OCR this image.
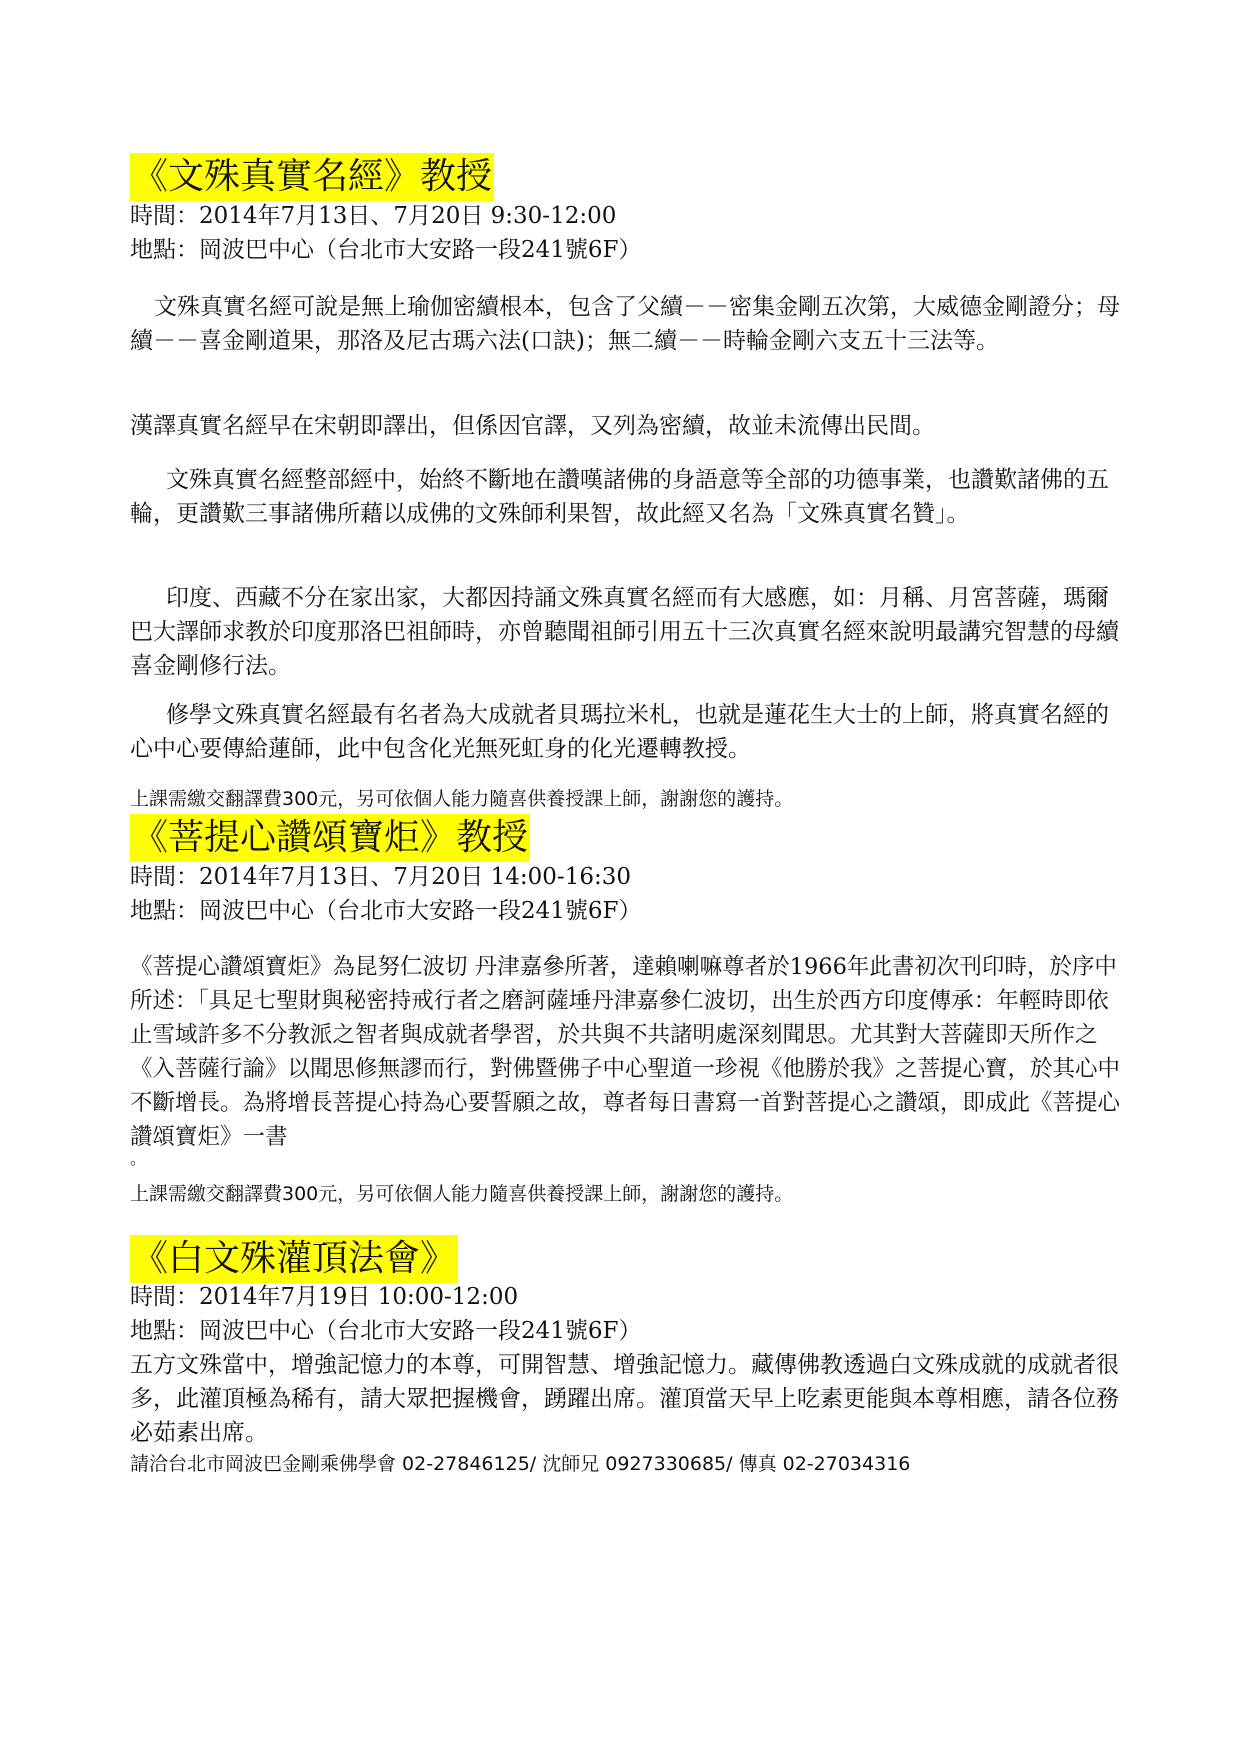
《文殊真實名經》教授
時間：2014年7月13日、7月20日 9:30-12:00
地點：岡波巴中心（台北市大安路一段241號6F）

文殊真實名經可說是無上瑜伽密續根本，包含了父續－－密集金剛五次第，大威德金剛證分；母續－－喜金剛道果，那洛及尼古瑪六法(口訣)；無二續－－時輪金剛六支五十三法等。

漢譯真實名經早在宋朝即譯出，但係因官譯，又列為密續，故並未流傳出民間。

文殊真實名經整部經中，始終不斷地在讚嘆諸佛的身語意等全部的功德事業，也讚歎諸佛的五輪，更讚歎三事諸佛所藉以成佛的文殊師利果智，故此經又名為「文殊真實名贊」。

印度、西藏不分在家出家，大都因持誦文殊真實名經而有大感應，如：月稱、月宮菩薩，瑪爾巴大譯師求教於印度那洛巴祖師時，亦曾聽聞祖師引用五十三次真實名經來說明最講究智慧的母續喜金剛修行法。

修學文殊真實名經最有名者為大成就者貝瑪拉米札，也就是蓮花生大士的上師，將真實名經的心中心要傳給蓮師，此中包含化光無死虹身的化光遷轉教授。

上課需繳交翻譯費300元，另可依個人能力隨喜供養授課上師，謝謝您的護持。
《菩提心讚頌寶炬》教授
時間：2014年7月13日、7月20日 14:00-16:30
地點：岡波巴中心（台北市大安路一段241號6F）

《菩提心讚頌寶炬》為昆努仁波切 丹津嘉參所著，達賴喇嘛尊者於1966年此書初次刊印時，於序中所述：「具足七聖財與秘密持戒行者之磨訶薩埵丹津嘉參仁波切，出生於西方印度傳承：年輕時即依止雪域許多不分教派之智者與成就者學習，於共與不共諸明處深刻聞思。尤其對大菩薩即天所作之《入菩薩行論》以聞思修無謬而行，對佛暨佛子中心聖道一珍視《他勝於我》之菩提心寶，於其心中不斷增長。為將增長菩提心持為心要誓願之故，尊者每日書寫一首對菩提心之讚頌，即成此《菩提心讚頌寶炬》一書

。
上課需繳交翻譯費300元，另可依個人能力隨喜供養授課上師，謝謝您的護持。
《白文殊灌頂法會》
時間：2014年7月19日 10:00-12:00
地點：岡波巴中心（台北市大安路一段241號6F）

五方文殊當中，增強記憶力的本尊，可開智慧、增強記憶力。藏傳佛教透過白文殊成就的成就者很多，此灌頂極為稀有，請大眾把握機會，踴躍出席。灌頂當天早上吃素更能與本尊相應，請各位務必茹素出席。

請洽台北市岡波巴金剛乘佛學會 02-27846125/ 沈師兄 0927330685/ 傳真 02-27034316
